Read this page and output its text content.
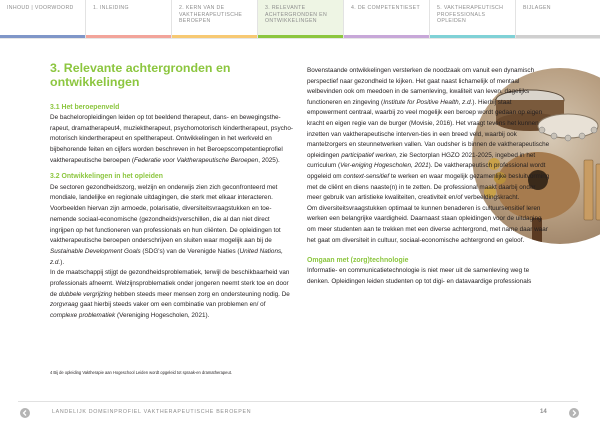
INHOUD | VOORWOORD	1. INLEIDING	2. KERN VAN DE VAKTHERAPEUTISCHE BEROEPEN
3. RELEVANTE ACHTERGRONDEN EN ONTWIKKELINGEN
4. DE COMPETENTIESET	5. VAKTHERAPEUTISCH PROFESSIONALS OPLEIDEN
BIJLAGEN
3. Relevante achtergronden en ontwikkelingen
3.1 Het beroepenveld

De bacheloropleidingen leiden op tot beeldend therapeut, dans- en bewegingsthe-rapeut, dramatherapeut4, muziektherapeut, psychomotorisch kindertherapeut, psycho-motorisch kindertherapeut en speltherapeut. Ontwikkelingen in het werkveld en bijbehorende feiten en cijfers worden beschreven in het Beroepscompetentieprofiel vaktherapeutische beroepen (Federatie voor Vaktherapeutische Beroepen, 2025).

3.2 Ontwikkelingen in het opleiden

De sectoren gezondheidszorg, welzijn en onderwijs zien zich geconfronteerd met mondiale, landelijke en regionale uitdagingen, die sterk met elkaar interacteren. Voorbeelden hiervan zijn armoede, polarisatie, diversiteitsvraagstukken en toe-nemende sociaal-economische (gezondheids)verschillen, die al dan niet direct ingrijpen op het functioneren van professionals en hun cliënten. De opleidingen tot vaktherapeutische beroepen onderschrijven en sluiten waar mogelijk aan bij de Sustainable Development Goals (SDG's) van de Verenigde Naties (United Nations, z.d.).

In de maatschappij stijgt de gezondheidsproblematiek, terwijl de beschikbaarheid van professionals afneemt. Welzijnsproblematiek onder jongeren neemt sterk toe en door de dubbele vergrijzing hebben steeds meer mensen zorg en ondersteuning nodig. De zorgvraag gaat hierbij steeds vaker om een combinatie van problemen en/ of complexe problematiek (Vereniging Hogescholen, 2021).

4 Bij de opleiding Vaktherapie aan Hogeschool Leiden wordt opgeleid tot spraak-en dramatherapeut.

Bovenstaande ontwikkelingen versterken de noodzaak om vanuit een dynamisch perspectief naar gezondheid te kijken. Het gaat naast lichamelijk of mentaal welbevinden ook om meedoen in de samenleving, kwaliteit van leven, dagelijks functioneren en zingeving (Institute for Positive Health, z.d.). Hierbij staat empowerment centraal, waarbij zo veel mogelijk een beroep wordt gedaan op eigen kracht en eigen regie van de burger (Movisie, 2016). Het vraagt tevens het kunnen inzetten van vaktherapeutische interven-ties in een breed veld, waarbij ook mantelzorgers en steunnetwerken vallen. Van oudsher is binnen de vaktherapeutische opleidingen participatief werken, zie Sectorplan HGZO 2021-2025, ingebed in het curriculum (Ver-eniging Hogescholen, 2021). De vaktherapeutisch professional wordt opgeleid om context-sensitief te werken en waar mogelijk gezamenlijke besluitvorming met de cliënt en diens naaste(n) in te zetten. De professional maakt daarbij onder meer gebruik van artistieke kwaliteiten, creativiteit en/of verbeeldingskracht.

Om diversiteitsvraagstukken optimaal te kunnen benaderen is cultuursensitief leren werken een belangrijke vaardigheid. Daarnaast staan opleidingen voor de uitdaging om meer studenten aan te trekken met een diverse achtergrond, met name daar waar het gaat om diversiteit in cultuur, sociaal-economische achtergrond en geloof.

Omgaan met (zorg)technologie

Informatie- en communicatietechnologie is niet meer uit de samenleving weg te denken. Opleidingen leiden studenten op tot digi- en datavaardige professionals

LANDELIJK DOMEINPROFIEL VAKTHERAPEUTISCHE BEROEPEN	14
